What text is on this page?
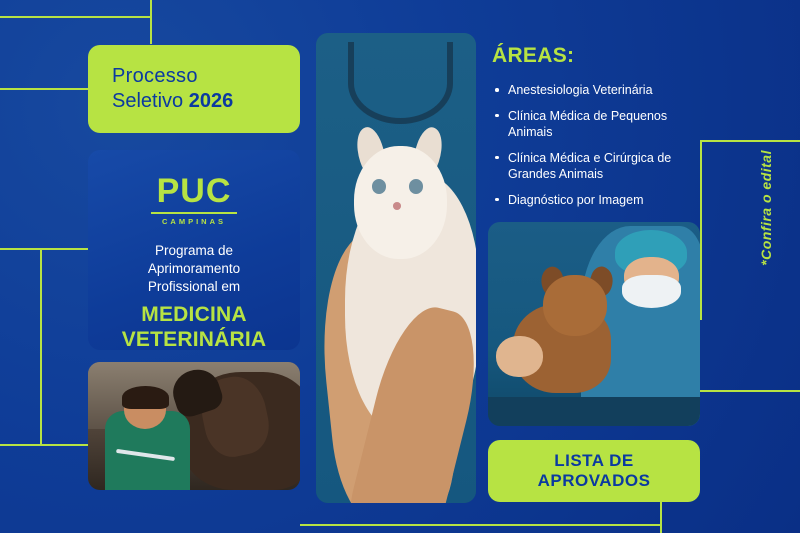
Processo
Seletivo 2026
PUC
CAMPINAS
Programa de
Aprimoramento
Profissional em
MEDICINA
VETERINÁRIA
ÁREAS:
Anestesiologia Veterinária
Clínica Médica de Pequenos Animais
Clínica Médica e Cirúrgica de Grandes Animais
Diagnóstico por Imagem
LISTA DE
APROVADOS
*Confira o edital
